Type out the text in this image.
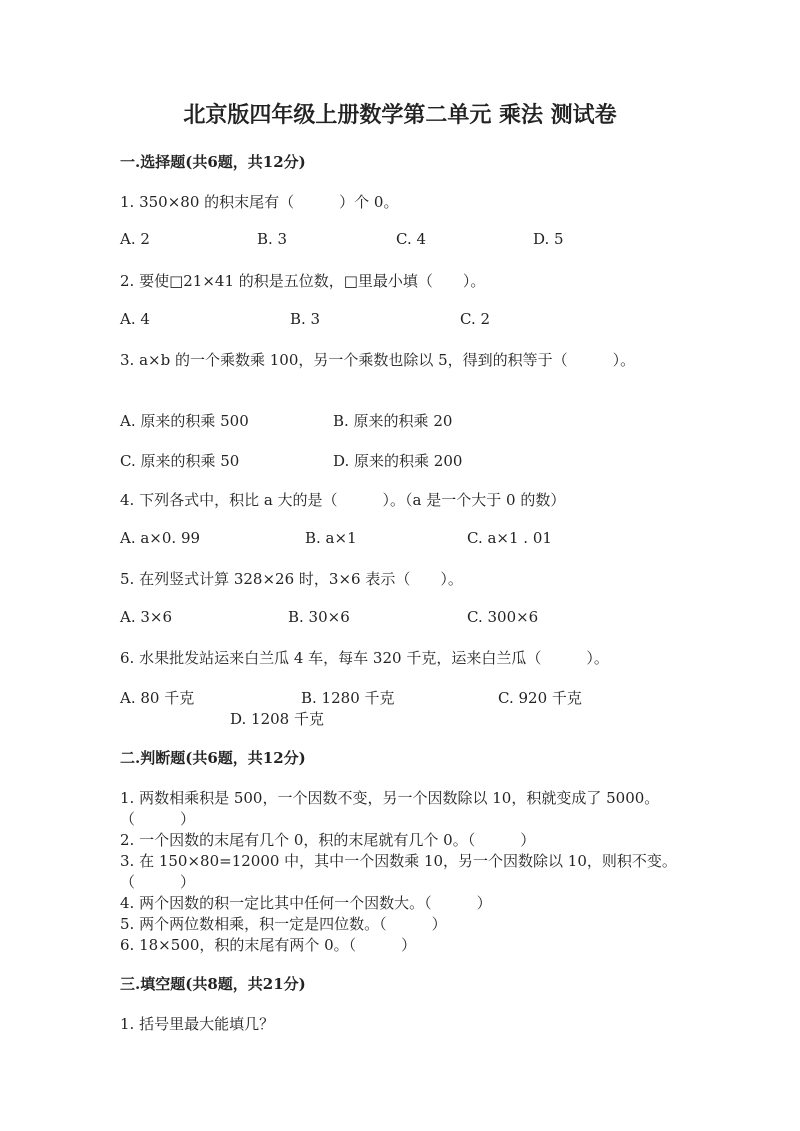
北京版四年级上册数学第二单元 乘法 测试卷
一.选择题(共6题，共12分)
1. 350×80 的积末尾有（　　　）个 0。
A. 2	B. 3	C. 4	D. 5
2. 要使□21×41 的积是五位数，□里最小填（　　）。
A. 4	B. 3	C. 2
3. a×b 的一个乘数乘 100，另一个乘数也除以 5，得到的积等于（　　　）。
A. 原来的积乘 500	B. 原来的积乘 20
C. 原来的积乘 50	D. 原来的积乘 200
4. 下列各式中，积比 a 大的是（　　　）。（a 是一个大于 0 的数）
A. a×0. 99	B. a×1	C. a×1 . 01
5. 在列竖式计算 328×26 时，3×6 表示（　　）。
A. 3×6	B. 30×6	C. 300×6
6. 水果批发站运来白兰瓜 4 车，每车 320 千克，运来白兰瓜（　　　）。
A. 80 千克	B. 1280 千克	C. 920 千克
D. 1208 千克
二.判断题(共6题，共12分)
1. 两数相乘积是 500，一个因数不变，另一个因数除以 10，积就变成了 5000。
（　　　）
2. 一个因数的末尾有几个 0，积的末尾就有几个 0。（　　　）
3. 在 150×80=12000 中，其中一个因数乘 10，另一个因数除以 10，则积不变。
（　　　）
4. 两个因数的积一定比其中任何一个因数大。（　　　）
5. 两个两位数相乘，积一定是四位数。（　　　）
6. 18×500，积的末尾有两个 0。（　　　）
三.填空题(共8题，共21分)
1. 括号里最大能填几？
